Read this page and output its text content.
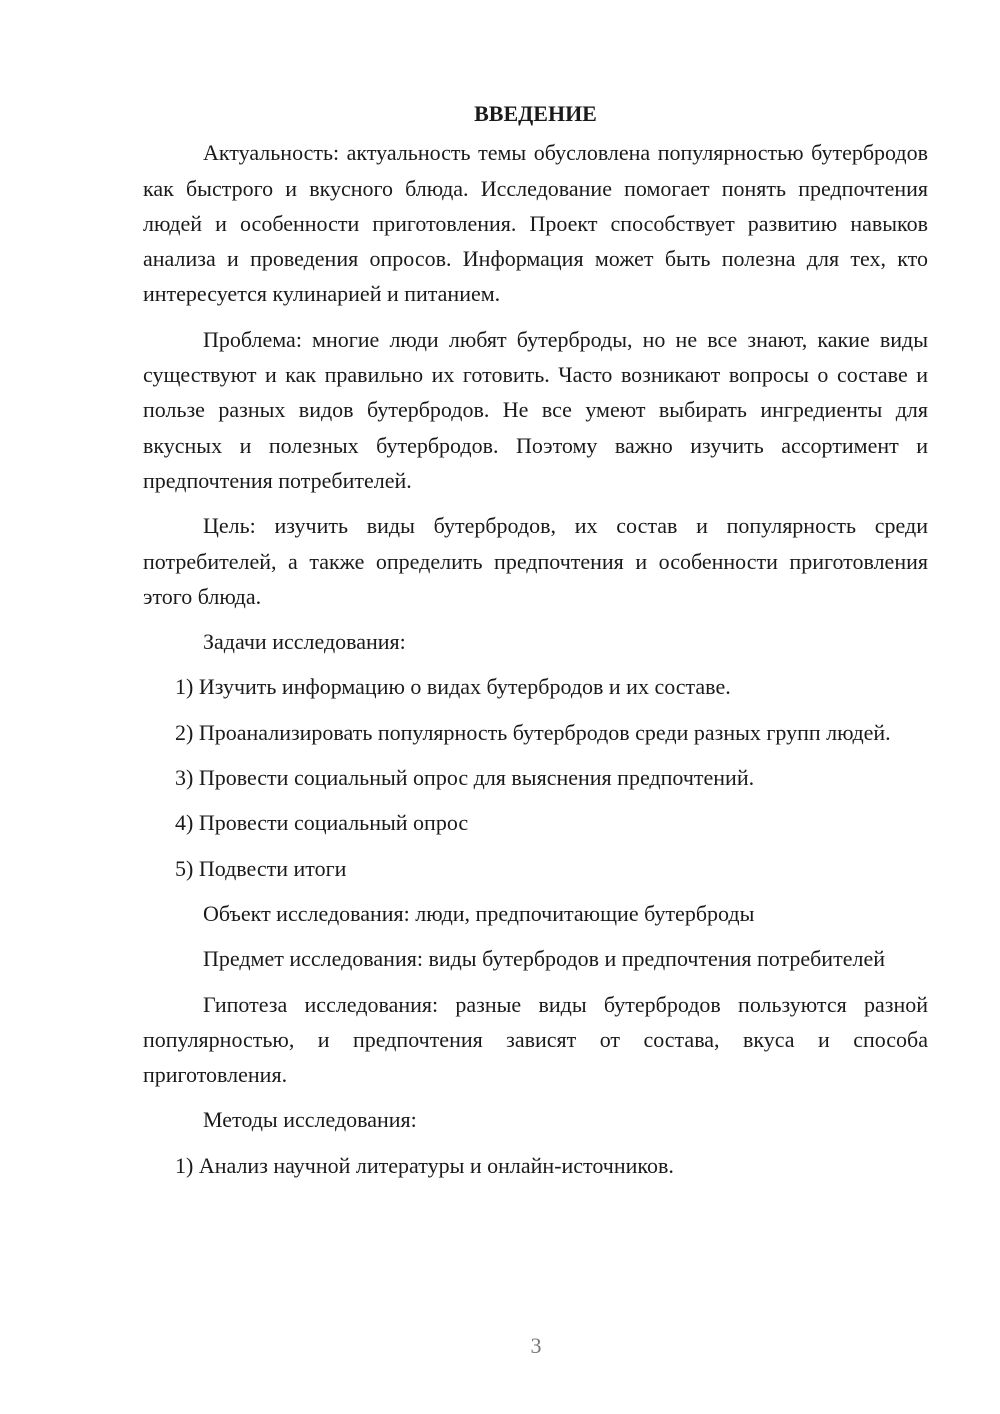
ВВЕДЕНИЕ

Актуальность: актуальность темы обусловлена популярностью бутербродов как быстрого и вкусного блюда. Исследование помогает понять предпочтения людей и особенности приготовления. Проект способствует развитию навыков анализа и проведения опросов. Информация может быть полезна для тех, кто интересуется кулинарией и питанием.

Проблема: многие люди любят бутерброды, но не все знают, какие виды существуют и как правильно их готовить. Часто возникают вопросы о составе и пользе разных видов бутербродов. Не все умеют выбирать ингредиенты для вкусных и полезных бутербродов. Поэтому важно изучить ассортимент и предпочтения потребителей.

Цель: изучить виды бутербродов, их состав и популярность среди потребителей, а также определить предпочтения и особенности приготовления этого блюда.

Задачи исследования:

1) Изучить информацию о видах бутербродов и их составе.

2) Проанализировать популярность бутербродов среди разных групп людей.

3) Провести социальный опрос для выяснения предпочтений.

4) Провести социальный опрос

5) Подвести итоги

Объект исследования: люди, предпочитающие бутерброды

Предмет исследования: виды бутербродов и предпочтения потребителей

Гипотеза исследования: разные виды бутербродов пользуются разной популярностью, и предпочтения зависят от состава, вкуса и способа приготовления.

Методы исследования:

1) Анализ научной литературы и онлайн-источников.

3
